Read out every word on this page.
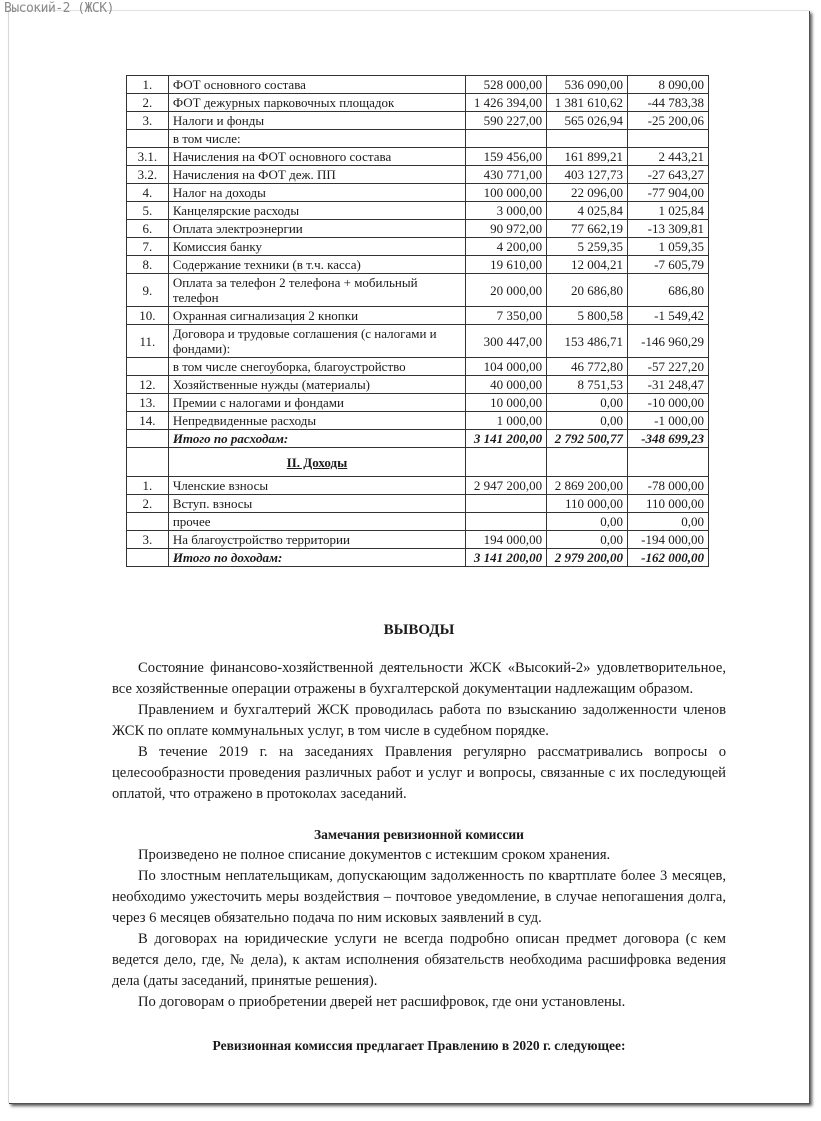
Высокий-2 (ЖСК)
1.	ФОТ основного состава	528 000,00	536 090,00	8 090,00
2.	ФОТ дежурных парковочных площадок	1 426 394,00	1 381 610,62	-44 783,38
3.	Налоги и фонды	590 227,00	565 026,94	-25 200,06
	в том числе:			
3.1.	Начисления на ФОТ основного состава	159 456,00	161 899,21	2 443,21
3.2.	Начисления на ФОТ деж. ПП	430 771,00	403 127,73	-27 643,27
4.	Налог на доходы	100 000,00	22 096,00	-77 904,00
5.	Канцелярские расходы	3 000,00	4 025,84	1 025,84
6.	Оплата электроэнергии	90 972,00	77 662,19	-13 309,81
7.	Комиссия банку	4 200,00	5 259,35	1 059,35
8.	Содержание техники (в т.ч. касса)	19 610,00	12 004,21	-7 605,79
9.	Оплата за телефон 2 телефона + мобильный телефон	20 000,00	20 686,80	686,80
10.	Охранная сигнализация 2 кнопки	7 350,00	5 800,58	-1 549,42
11.	Договора и трудовые соглашения (с налогами и фондами):	300 447,00	153 486,71	-146 960,29
	в том числе снегоуборка, благоустройство	104 000,00	46 772,80	-57 227,20
12.	Хозяйственные нужды (материалы)	40 000,00	8 751,53	-31 248,47
13.	Премии с налогами и фондами	10 000,00	0,00	-10 000,00
14.	Непредвиденные расходы	1 000,00	0,00	-1 000,00
	Итого по расходам:	3 141 200,00	2 792 500,77	-348 699,23
	II. Доходы			
1.	Членские взносы	2 947 200,00	2 869 200,00	-78 000,00
2.	Вступ. взносы		110 000,00	110 000,00
	прочее		0,00	0,00
3.	На благоустройство территории	194 000,00	0,00	-194 000,00
	Итого по доходам:	3 141 200,00	2 979 200,00	-162 000,00
ВЫВОДЫ

Состояние финансово-хозяйственной деятельности ЖСК «Высокий-2» удовлетворительное, все хозяйственные операции отражены в бухгалтерской документации надлежащим образом.

Правлением и бухгалтерий ЖСК проводилась работа по взысканию задолженности членов ЖСК по оплате коммунальных услуг, в том числе в судебном порядке.

В течение 2019 г. на заседаниях Правления регулярно рассматривались вопросы о целесообразности проведения различных работ и услуг и вопросы, связанные с их последующей оплатой, что отражено в протоколах заседаний.

Замечания ревизионной комиссии

Произведено не полное списание документов с истекшим сроком хранения.

По злостным неплательщикам, допускающим задолженность по квартплате более 3 месяцев, необходимо ужесточить меры воздействия – почтовое уведомление, в случае непогашения долга, через 6 месяцев обязательно подача по ним исковых заявлений в суд.

В договорах на юридические услуги не всегда подробно описан предмет договора (с кем ведется дело, где, № дела), к актам исполнения обязательств необходима расшифровка ведения дела (даты заседаний, принятые решения).

По договорам о приобретении дверей нет расшифровок, где они установлены.

Ревизионная комиссия предлагает Правлению в 2020 г. следующее:
